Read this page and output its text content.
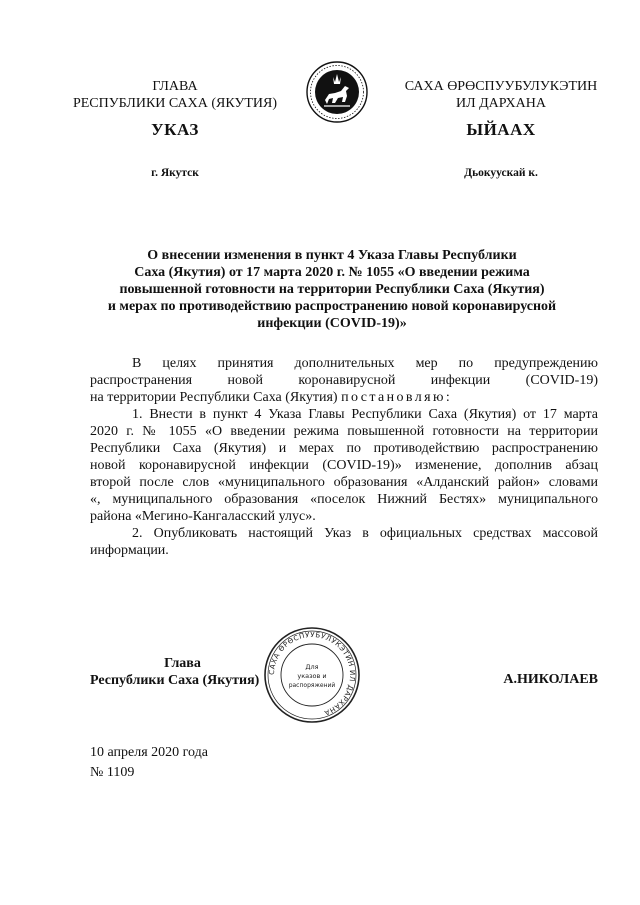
ГЛАВА
РЕСПУБЛИКИ САХА (ЯКУТИЯ)
САХА ӨРӨСПУУБУЛУКЭТИН
ИЛ ДАРХАНА
УКАЗ	ЫЙААХ
г. Якутск	Дьокуускай к.
О внесении изменения в пункт 4 Указа Главы Республики
Саха (Якутия) от 17 марта 2020 г. № 1055 «О введении режима
повышенной готовности на территории Республики Саха (Якутия)
и мерах по противодействию распространению новой коронавирусной
инфекции (COVID-19)»
В целях принятия дополнительных мер по предупреждению
распространения новой коронавирусной инфекции (COVID-19)
на территории Республики Саха (Якутия) постановляю:
1. Внести в пункт 4 Указа Главы Республики Саха (Якутия) от 17 марта
2020 г. № 1055 «О введении режима повышенной готовности на территории
Республики Саха (Якутия) и мерах по противодействию распространению
новой коронавирусной инфекции (COVID-19)» изменение, дополнив абзац
второй после слов «муниципального образования «Алданский район» словами
«, муниципального образования «поселок Нижний Бестях» муниципального
района «Мегино-Кангаласский улус».
2. Опубликовать настоящий Указ в официальных средствах массовой
информации.
Глава
Республики Саха (Якутия)
САХА ӨРӨСПУУБУЛУКЭТИН ИЛ ДАРХАНА
Для
указов и
распоряжений	А.НИКОЛАЕВ
10 апреля 2020 года
№ 1109
